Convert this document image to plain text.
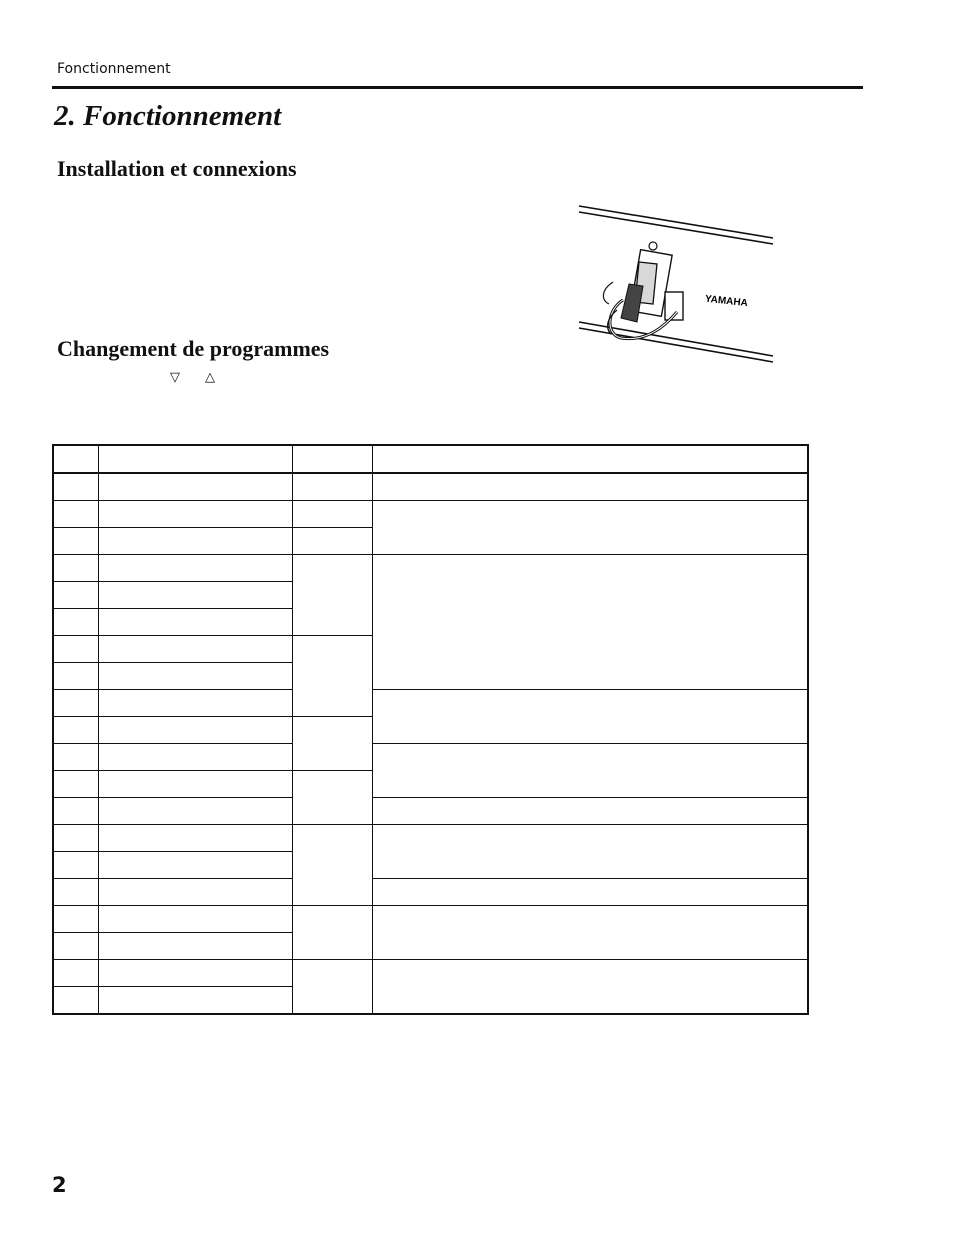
Fonctionnement
2. Fonctionnement
Installation et connexions
YAMAHA
Changement de programmes
▽ △

2
